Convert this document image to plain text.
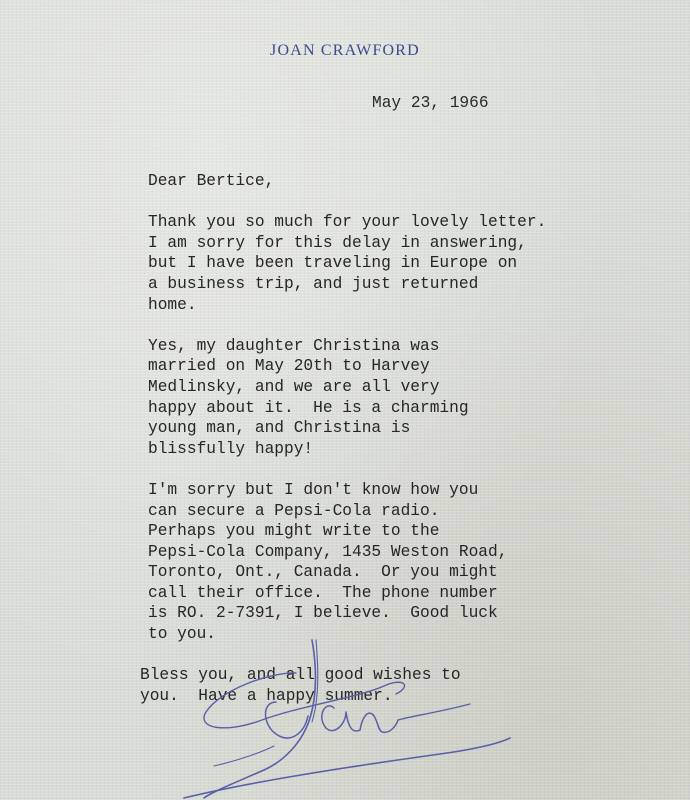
JOAN CRAWFORD
May 23, 1966
Dear Bertice,
Thank you so much for your lovely letter.
I am sorry for this delay in answering,
but I have been traveling in Europe on
a business trip, and just returned
home.
Yes, my daughter Christina was
married on May 20th to Harvey
Medlinsky, and we are all very
happy about it.  He is a charming
young man, and Christina is
blissfully happy!
I'm sorry but I don't know how you
can secure a Pepsi-Cola radio.
Perhaps you might write to the
Pepsi-Cola Company, 1435 Weston Road,
Toronto, Ont., Canada.  Or you might
call their office.  The phone number
is RO. 2-7391, I believe.  Good luck
to you.
Bless you, and all good wishes to
you.  Have a happy summer.
